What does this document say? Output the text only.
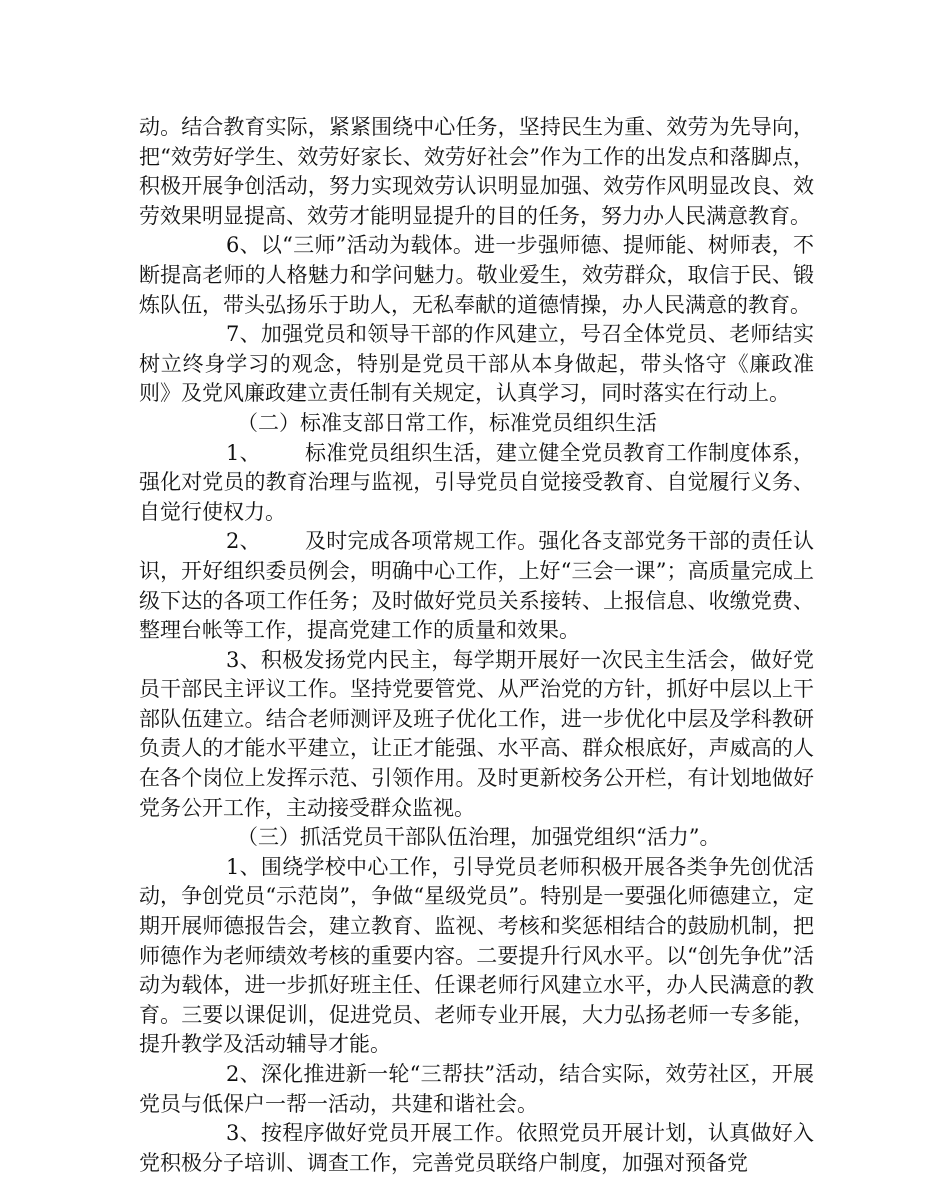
动。结合教育实际，紧紧围绕中心任务，坚持民生为重、效劳为先导向，把“效劳好学生、效劳好家长、效劳好社会”作为工作的出发点和落脚点，积极开展争创活动，努力实现效劳认识明显加强、效劳作风明显改良、效劳效果明显提高、效劳才能明显提升的目的任务，努力办人民满意教育。

6、以“三师”活动为载体。进一步强师德、提师能、树师表，不断提高老师的人格魅力和学问魅力。敬业爱生，效劳群众，取信于民、锻炼队伍，带头弘扬乐于助人，无私奉献的道德情操，办人民满意的教育。

7、加强党员和领导干部的作风建立，号召全体党员、老师结实树立终身学习的观念，特别是党员干部从本身做起，带头恪守《廉政准则》及党风廉政建立责任制有关规定，认真学习，同时落实在行动上。

（二）标准支部日常工作，标准党员组织生活

1、 标准党员组织生活，建立健全党员教育工作制度体系，强化对党员的教育治理与监视，引导党员自觉接受教育、自觉履行义务、自觉行使权力。

2、 及时完成各项常规工作。强化各支部党务干部的责任认识，开好组织委员例会，明确中心工作，上好“三会一课”；高质量完成上级下达的各项工作任务；及时做好党员关系接转、上报信息、收缴党费、整理台帐等工作，提高党建工作的质量和效果。

3、积极发扬党内民主，每学期开展好一次民主生活会，做好党员干部民主评议工作。坚持党要管党、从严治党的方针，抓好中层以上干部队伍建立。结合老师测评及班子优化工作，进一步优化中层及学科教研负责人的才能水平建立，让正才能强、水平高、群众根底好，声威高的人在各个岗位上发挥示范、引领作用。及时更新校务公开栏，有计划地做好党务公开工作，主动接受群众监视。

（三）抓活党员干部队伍治理，加强党组织“活力”。

1、围绕学校中心工作，引导党员老师积极开展各类争先创优活动，争创党员“示范岗”，争做“星级党员”。特别是一要强化师德建立，定期开展师德报告会，建立教育、监视、考核和奖惩相结合的鼓励机制，把师德作为老师绩效考核的重要内容。二要提升行风水平。以“创先争优”活动为载体，进一步抓好班主任、任课老师行风建立水平，办人民满意的教育。三要以课促训，促进党员、老师专业开展，大力弘扬老师一专多能，提升教学及活动辅导才能。

2、深化推进新一轮“三帮扶”活动，结合实际，效劳社区，开展党员与低保户一帮一活动，共建和谐社会。

3、按程序做好党员开展工作。依照党员开展计划，认真做好入党积极分子培训、调查工作，完善党员联络户制度，加强对预备党
